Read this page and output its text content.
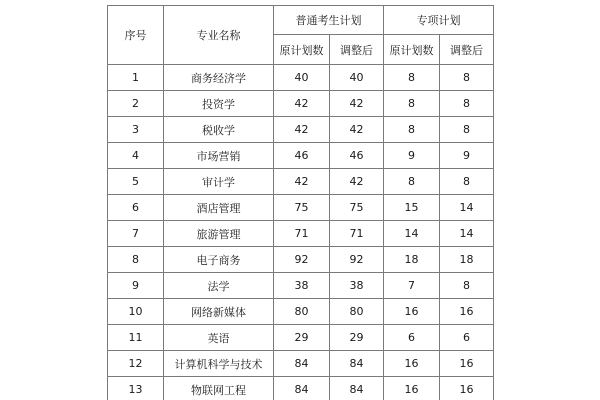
序号	专业名称	普通考生计划		专项计划	
		原计划数	调整后	原计划数	调整后
1	商务经济学	40	40	8	8
2	投资学	42	42	8	8
3	税收学	42	42	8	8
4	市场营销	46	46	9	9
5	审计学	42	42	8	8
6	酒店管理	75	75	15	14
7	旅游管理	71	71	14	14
8	电子商务	92	92	18	18
9	法学	38	38	7	8
10	网络新媒体	80	80	16	16
11	英语	29	29	6	6
12	计算机科学与技术	84	84	16	16
13	物联网工程	84	84	16	16
